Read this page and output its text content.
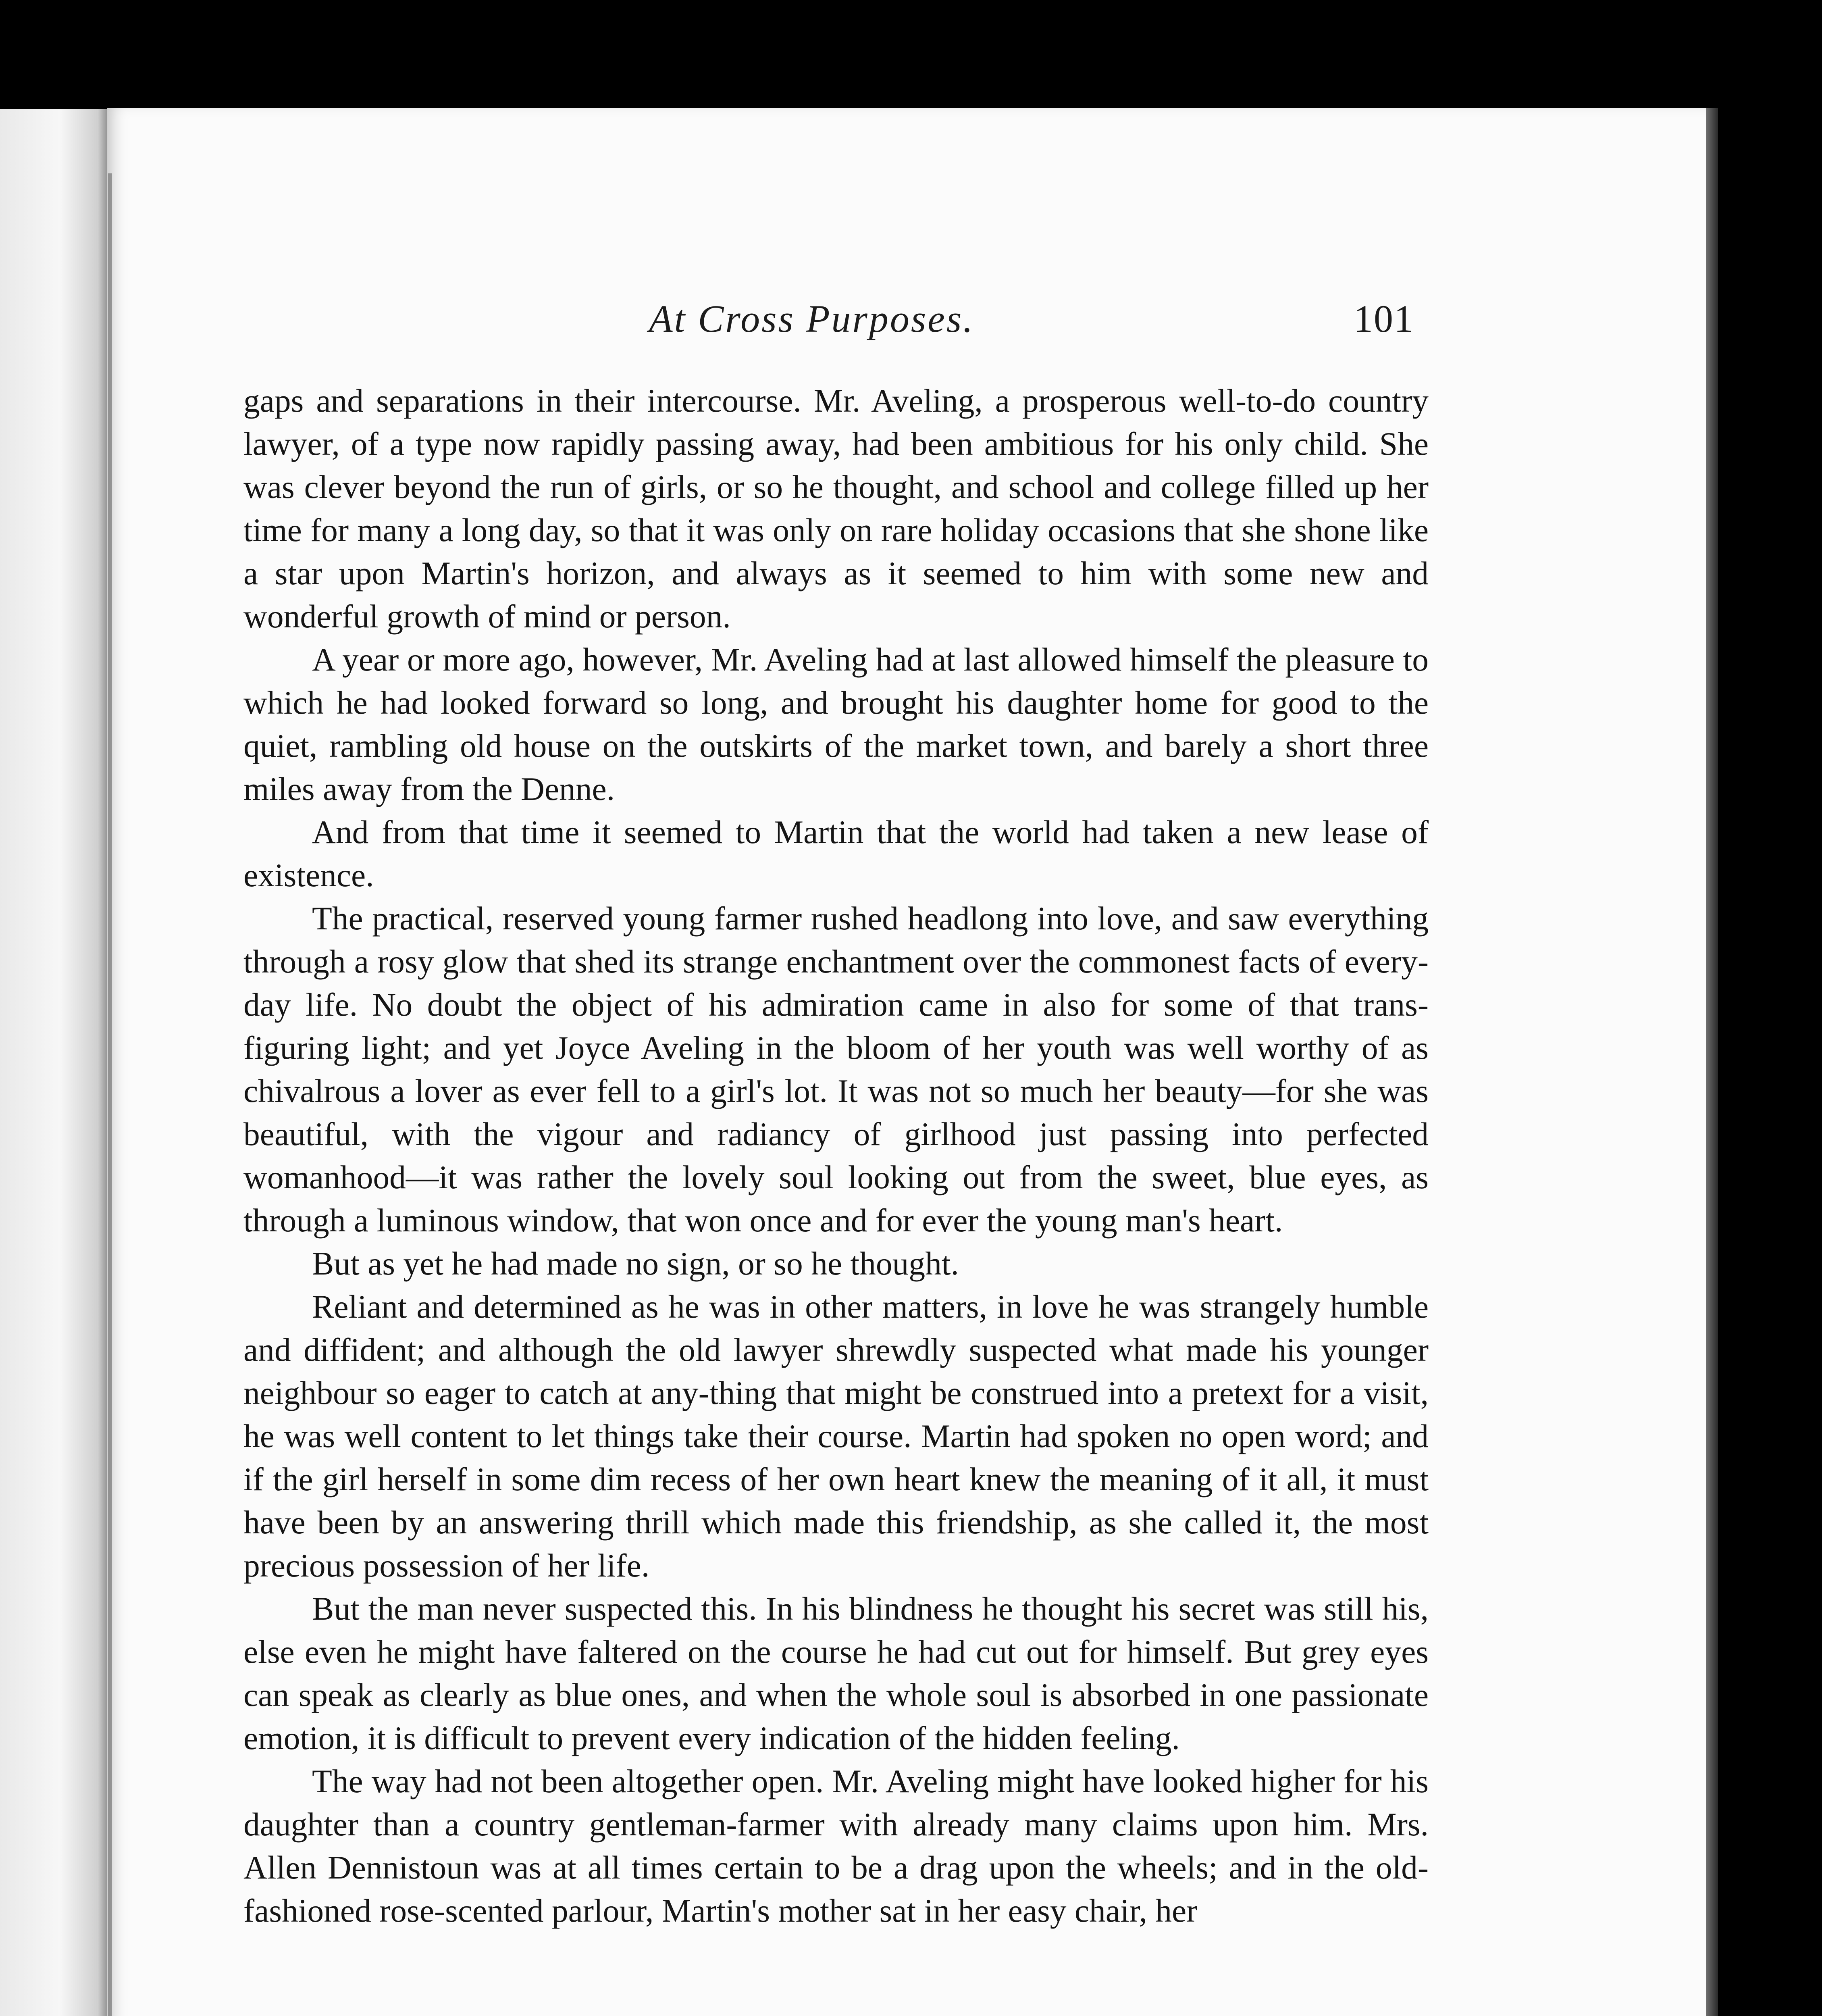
At Cross Purposes.	101

gaps and separations in their intercourse. Mr. Aveling, a prosperous well-to-do country lawyer, of a type now rapidly passing away, had been ambitious for his only child. She was clever beyond the run of girls, or so he thought, and school and college filled up her time for many a long day, so that it was only on rare holiday occasions that she shone like a star upon Martin's horizon, and always as it seemed to him with some new and wonderful growth of mind or person.

A year or more ago, however, Mr. Aveling had at last allowed himself the pleasure to which he had looked forward so long, and brought his daughter home for good to the quiet, rambling old house on the outskirts of the market town, and barely a short three miles away from the Denne.

And from that time it seemed to Martin that the world had taken a new lease of existence.

The practical, reserved young farmer rushed headlong into love, and saw everything through a rosy glow that shed its strange enchantment over the commonest facts of every-day life. No doubt the object of his admiration came in also for some of that trans-figuring light; and yet Joyce Aveling in the bloom of her youth was well worthy of as chivalrous a lover as ever fell to a girl's lot. It was not so much her beauty—for she was beautiful, with the vigour and radiancy of girlhood just passing into perfected womanhood—it was rather the lovely soul looking out from the sweet, blue eyes, as through a luminous window, that won once and for ever the young man's heart.

But as yet he had made no sign, or so he thought.

Reliant and determined as he was in other matters, in love he was strangely humble and diffident; and although the old lawyer shrewdly suspected what made his younger neighbour so eager to catch at any-thing that might be construed into a pretext for a visit, he was well content to let things take their course. Martin had spoken no open word; and if the girl herself in some dim recess of her own heart knew the meaning of it all, it must have been by an answering thrill which made this friendship, as she called it, the most precious possession of her life.

But the man never suspected this. In his blindness he thought his secret was still his, else even he might have faltered on the course he had cut out for himself. But grey eyes can speak as clearly as blue ones, and when the whole soul is absorbed in one passionate emotion, it is difficult to prevent every indication of the hidden feeling.

The way had not been altogether open. Mr. Aveling might have looked higher for his daughter than a country gentleman-farmer with already many claims upon him. Mrs. Allen Dennistoun was at all times certain to be a drag upon the wheels; and in the old-fashioned rose-scented parlour, Martin's mother sat in her easy chair, her
